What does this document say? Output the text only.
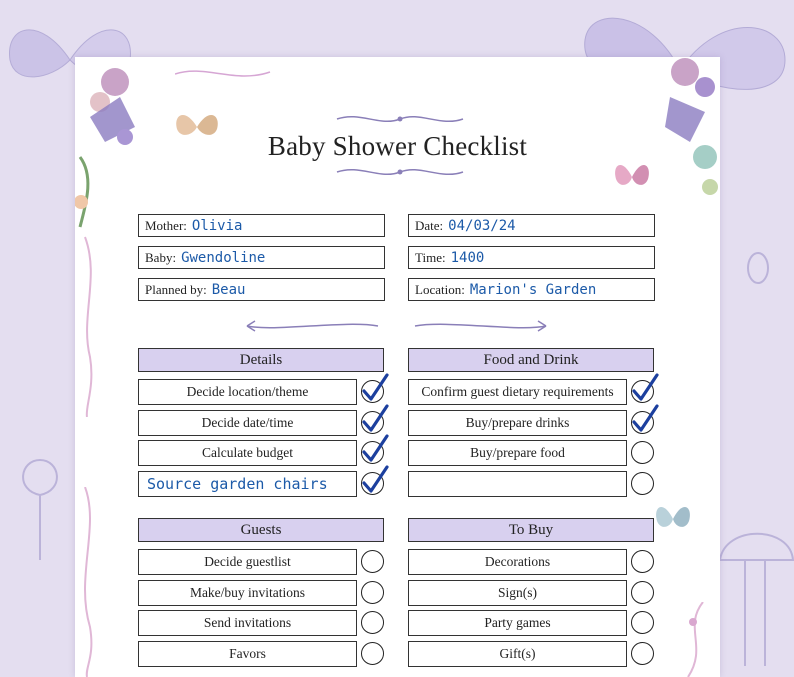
Baby Shower Checklist
Mother: Olivia
Baby: Gwendoline
Planned by: Beau
Date: 04/03/24
Time: 1400
Location: Marion's Garden
Details	Food and Drink
Guests	To Buy
Decide location/theme
Decide date/time
Calculate budget
Source garden chairs
Confirm guest dietary requirements
Buy/prepare drinks
Buy/prepare food
Decide guestlist
Make/buy invitations
Send invitations
Favors
Decorations
Sign(s)
Party games
Gift(s)
